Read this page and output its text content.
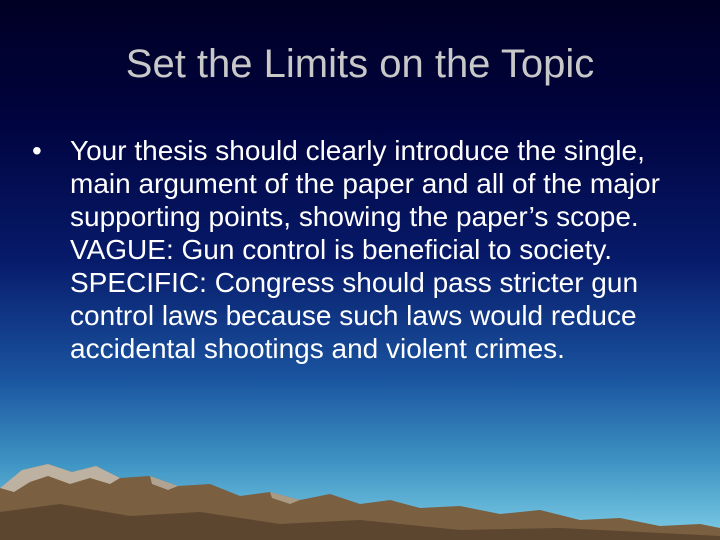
Set the Limits on the Topic
•	Your thesis should clearly introduce the single, main argument of the paper and all of the major supporting points, showing the paper’s scope.
VAGUE: Gun control is beneficial to society.
SPECIFIC: Congress should pass stricter gun control laws because such laws would reduce accidental shootings and violent crimes.
